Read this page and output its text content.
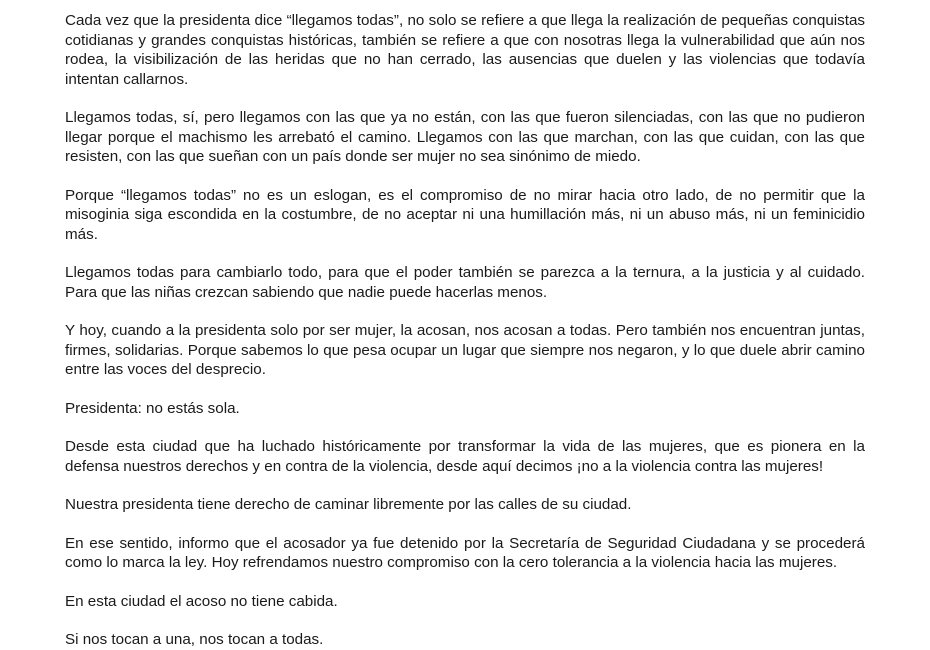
Cada vez que la presidenta dice “llegamos todas”, no solo se refiere a que llega la realización de pequeñas conquistas cotidianas y grandes conquistas históricas, también se refiere a que con nosotras llega la vulnerabilidad que aún nos rodea, la visibilización de las heridas que no han cerrado, las ausencias que duelen y las violencias que todavía intentan callarnos.

Llegamos todas, sí, pero llegamos con las que ya no están, con las que fueron silenciadas, con las que no pudieron llegar porque el machismo les arrebató el camino. Llegamos con las que marchan, con las que cuidan, con las que resisten, con las que sueñan con un país donde ser mujer no sea sinónimo de miedo.

Porque “llegamos todas” no es un eslogan, es el compromiso de no mirar hacia otro lado, de no permitir que la misoginia siga escondida en la costumbre, de no aceptar ni una humillación más, ni un abuso más, ni un feminicidio más.

Llegamos todas para cambiarlo todo, para que el poder también se parezca a la ternura, a la justicia y al cuidado. Para que las niñas crezcan sabiendo que nadie puede hacerlas menos.

Y hoy, cuando a la presidenta solo por ser mujer, la acosan, nos acosan a todas. Pero también nos encuentran juntas, firmes, solidarias. Porque sabemos lo que pesa ocupar un lugar que siempre nos negaron, y lo que duele abrir camino entre las voces del desprecio.

Presidenta: no estás sola.

Desde esta ciudad que ha luchado históricamente por transformar la vida de las mujeres, que es pionera en la defensa nuestros derechos y en contra de la violencia, desde aquí decimos ¡no a la violencia contra las mujeres!

Nuestra presidenta tiene derecho de caminar libremente por las calles de su ciudad.

En ese sentido, informo que el acosador ya fue detenido por la Secretaría de Seguridad Ciudadana y se procederá como lo marca la ley. Hoy refrendamos nuestro compromiso con la cero tolerancia a la violencia hacia las mujeres.

En esta ciudad el acoso no tiene cabida.

Si nos tocan a una, nos tocan a todas.
